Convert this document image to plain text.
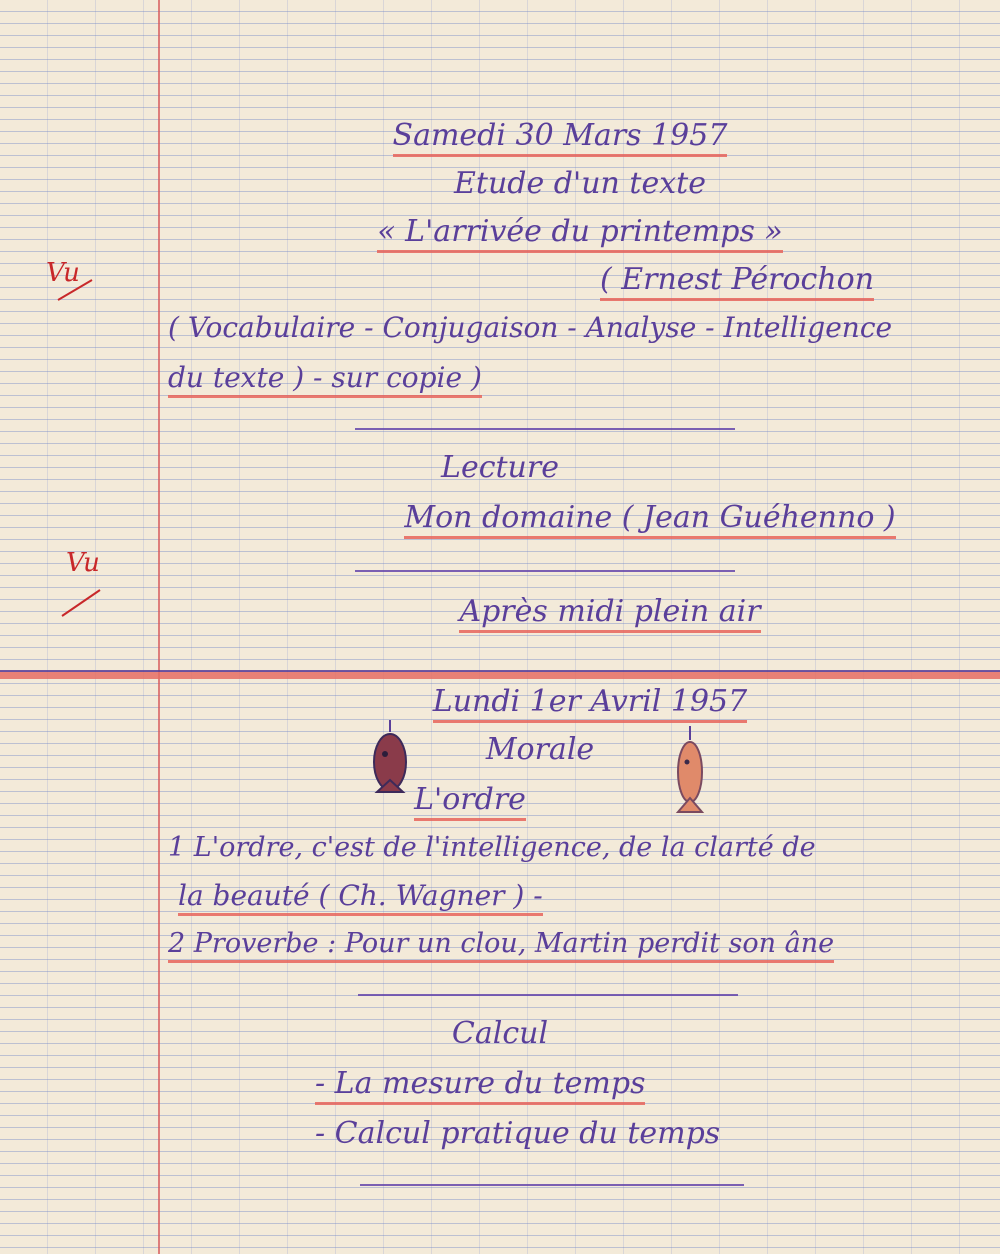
Samedi 30 Mars 1957
Etude d'un texte
« L'arrivée du printemps »
( Ernest Pérochon
( Vocabulaire - Conjugaison - Analyse - Intelligence
du texte ) - sur copie )
Lecture
Mon domaine ( Jean Guéhenno )
Après midi plein air
Vu
Vu
Lundi 1er Avril 1957
Morale
L'ordre
1 L'ordre, c'est de l'intelligence, de la clarté de
la beauté ( Ch. Wagner ) -
2 Proverbe : Pour un clou, Martin perdit son âne
Calcul
- La mesure du temps
- Calcul pratique du temps
